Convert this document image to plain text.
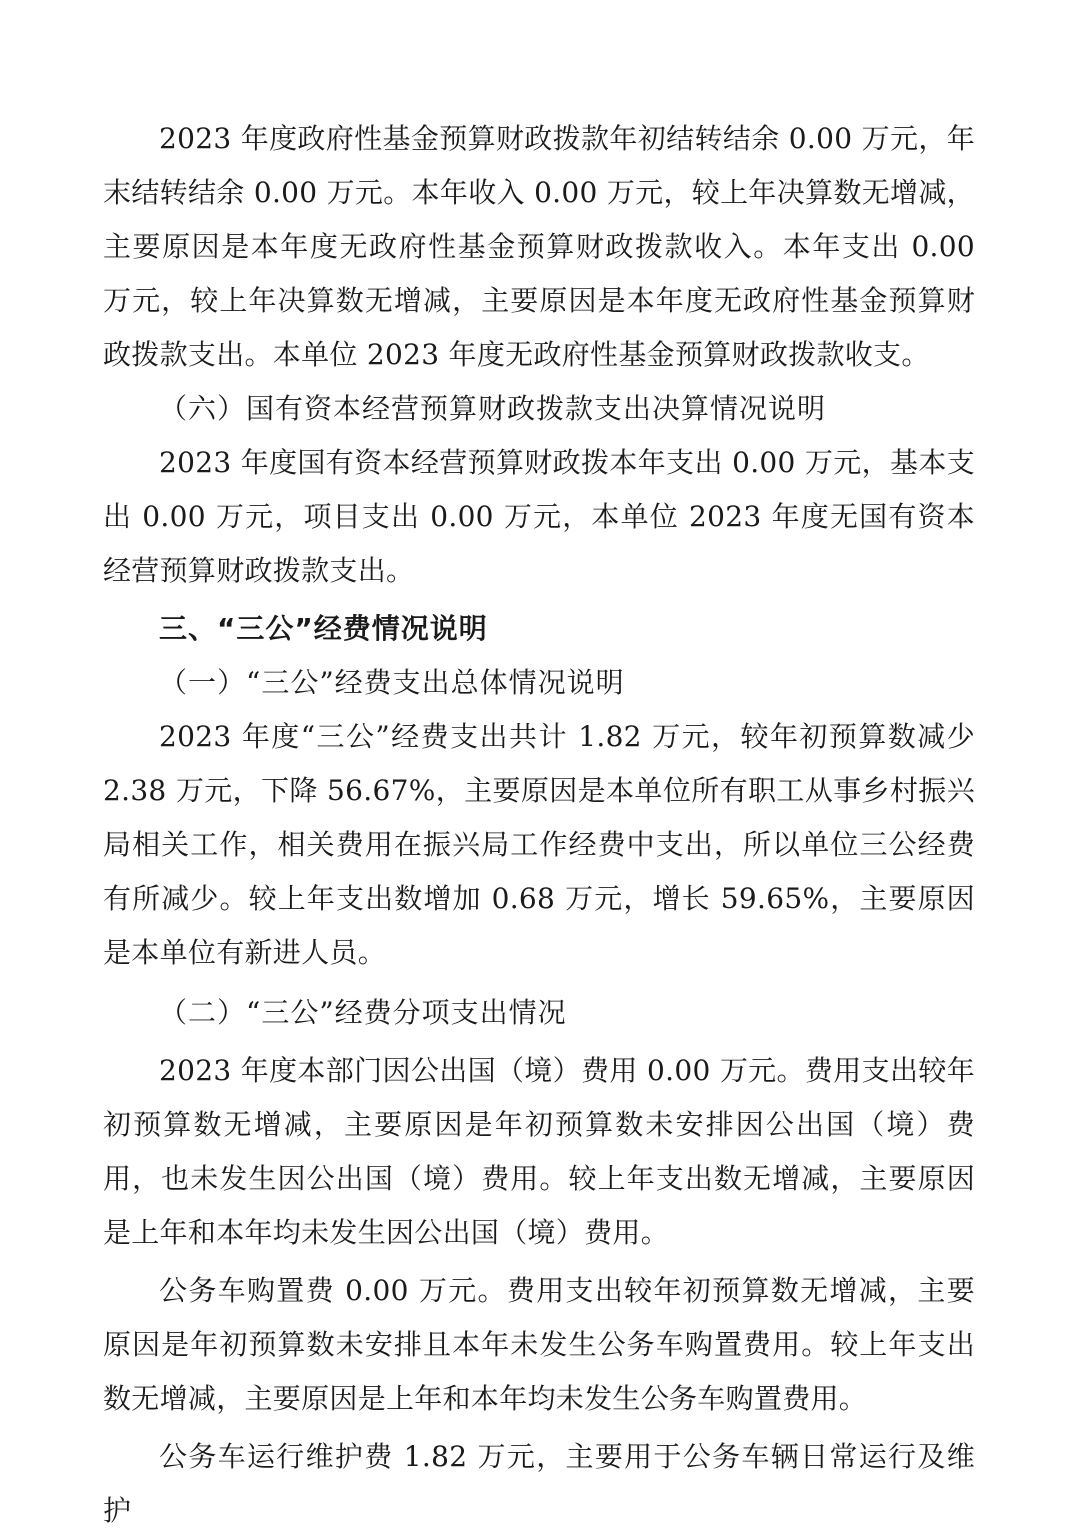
2023 年度政府性基金预算财政拨款年初结转结余 0.00 万元，年末结转结余 0.00 万元。本年收入 0.00 万元，较上年决算数无增减，主要原因是本年度无政府性基金预算财政拨款收入。本年支出 0.00 万元，较上年决算数无增减，主要原因是本年度无政府性基金预算财政拨款支出。本单位 2023 年度无政府性基金预算财政拨款收支。

（六）国有资本经营预算财政拨款支出决算情况说明

2023 年度国有资本经营预算财政拨本年支出 0.00 万元，基本支出 0.00 万元，项目支出 0.00 万元，本单位 2023 年度无国有资本经营预算财政拨款支出。

三、“三公”经费情况说明

（一）“三公”经费支出总体情况说明

2023 年度“三公”经费支出共计 1.82 万元，较年初预算数减少 2.38 万元，下降 56.67%，主要原因是本单位所有职工从事乡村振兴局相关工作，相关费用在振兴局工作经费中支出，所以单位三公经费有所减少。较上年支出数增加 0.68 万元，增长 59.65%，主要原因是本单位有新进人员。

（二）“三公”经费分项支出情况

2023 年度本部门因公出国（境）费用 0.00 万元。费用支出较年初预算数无增减，主要原因是年初预算数未安排因公出国（境）费用，也未发生因公出国（境）费用。较上年支出数无增减，主要原因是上年和本年均未发生因公出国（境）费用。

公务车购置费 0.00 万元。费用支出较年初预算数无增减，主要原因是年初预算数未安排且本年未发生公务车购置费用。较上年支出数无增减，主要原因是上年和本年均未发生公务车购置费用。

公务车运行维护费 1.82 万元，主要用于公务车辆日常运行及维护
